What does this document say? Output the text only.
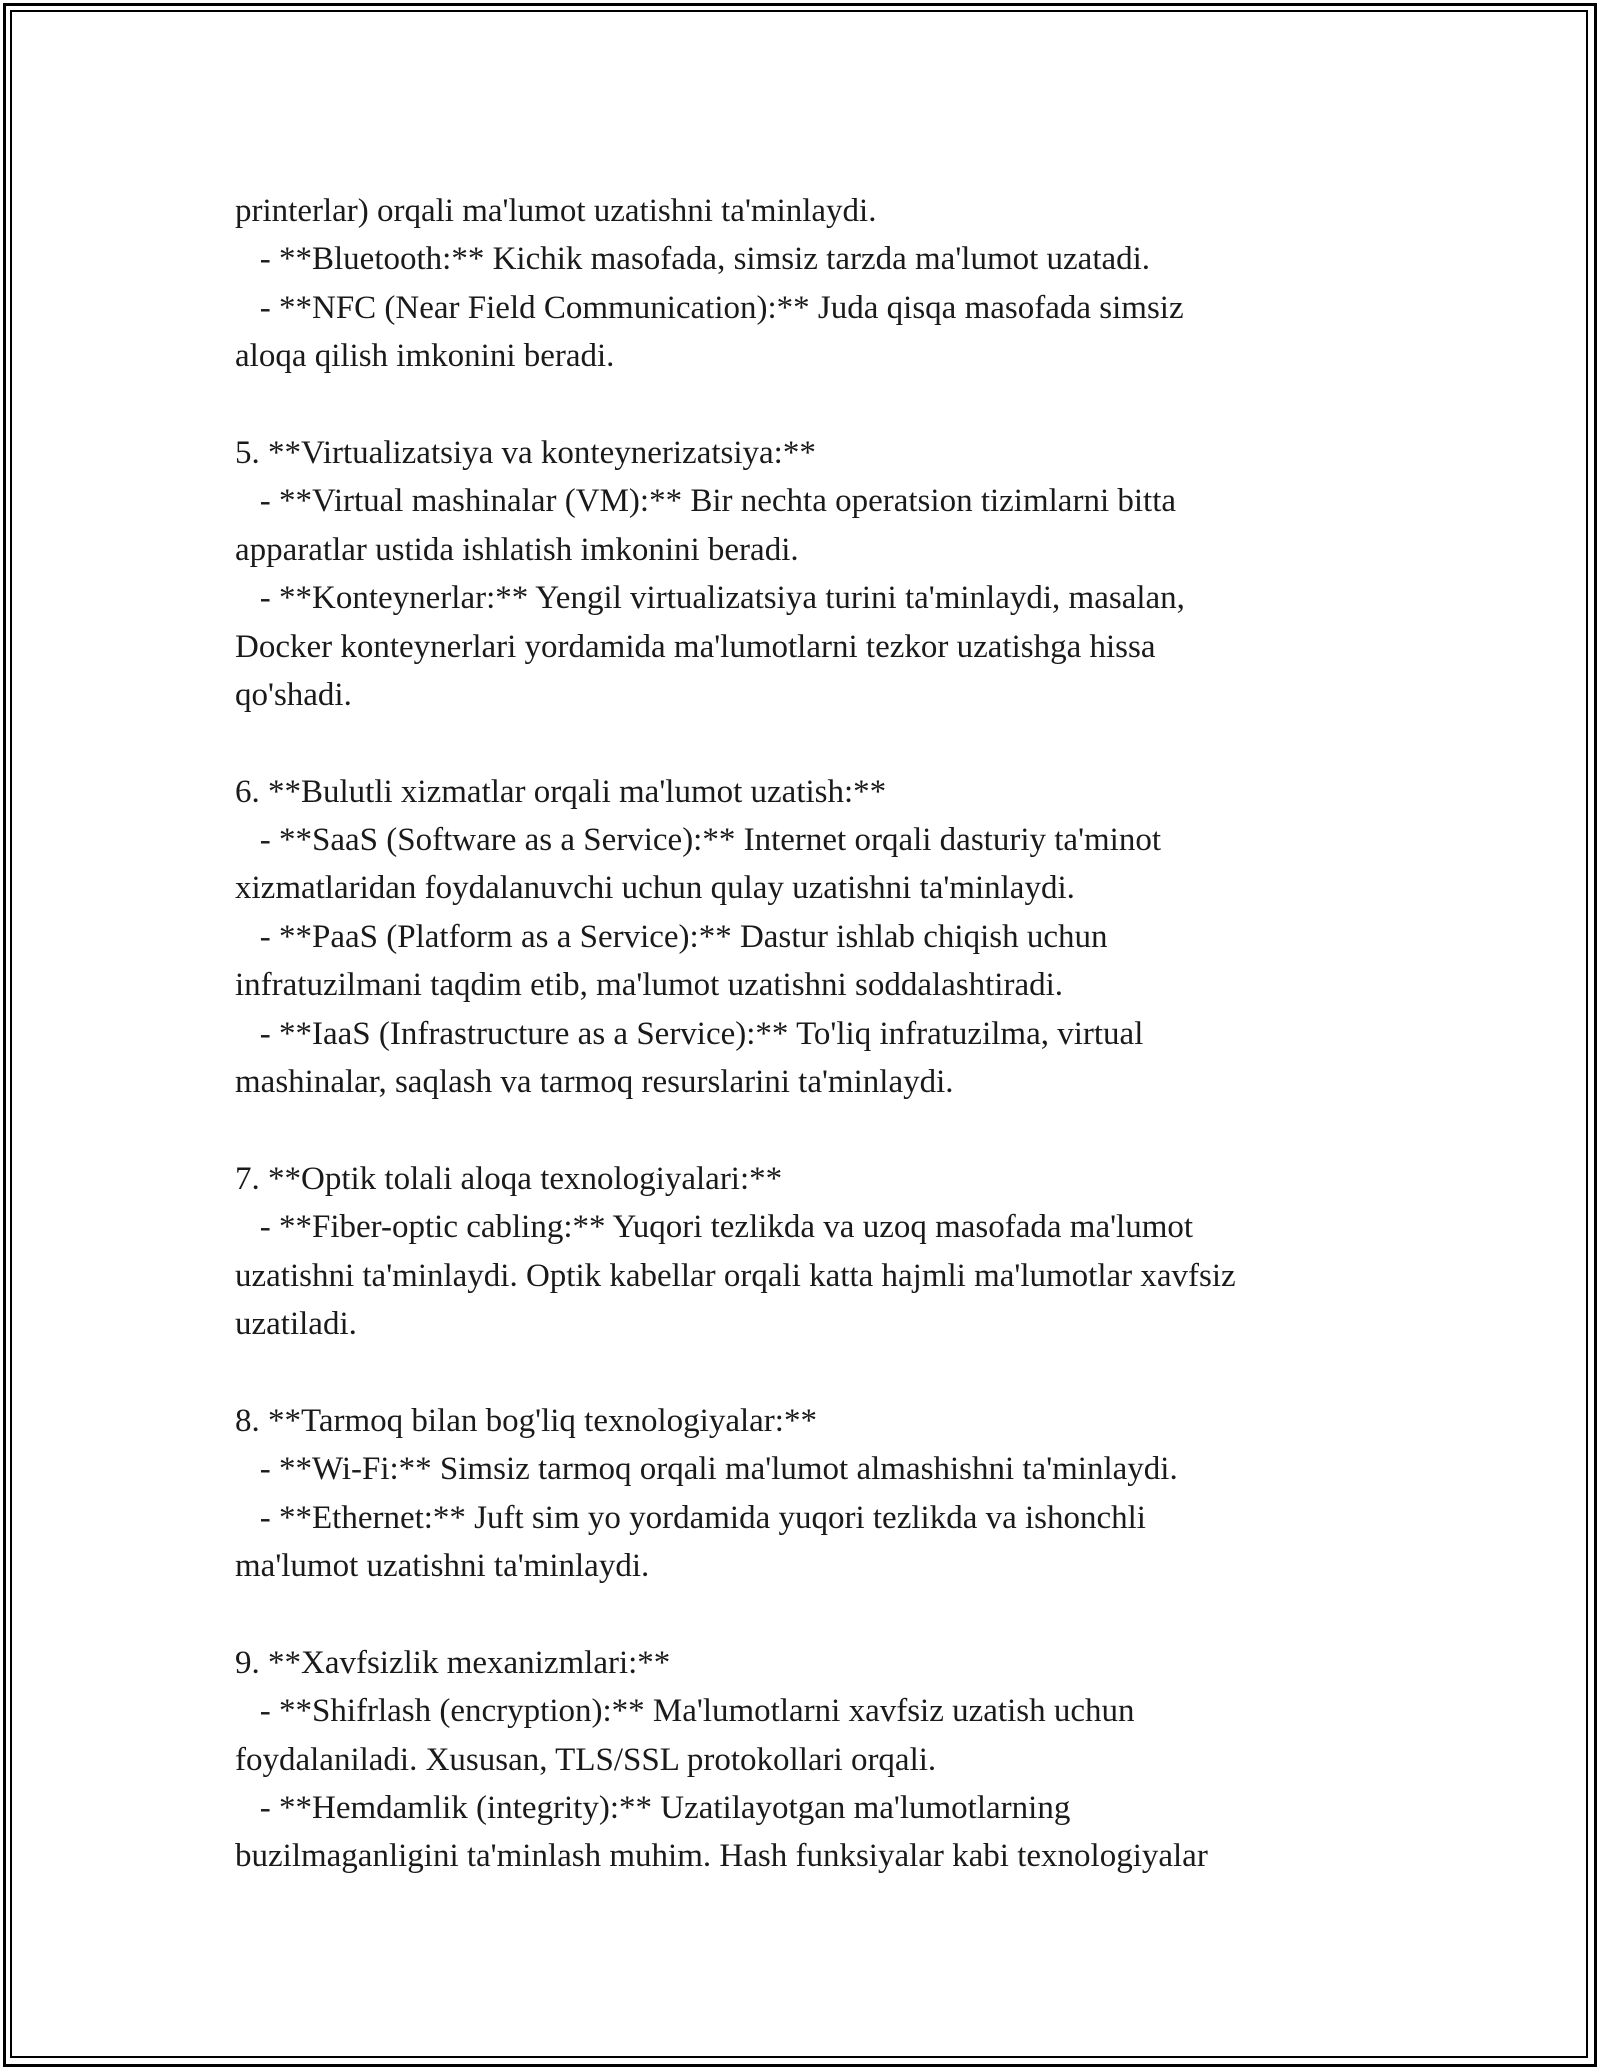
printerlar) orqali ma'lumot uzatishni ta'minlaydi.
- **Bluetooth:** Kichik masofada, simsiz tarzda ma'lumot uzatadi.
- **NFC (Near Field Communication):** Juda qisqa masofada simsiz
aloqa qilish imkonini beradi.
5. **Virtualizatsiya va konteynerizatsiya:**
- **Virtual mashinalar (VM):** Bir nechta operatsion tizimlarni bitta
apparatlar ustida ishlatish imkonini beradi.
- **Konteynerlar:** Yengil virtualizatsiya turini ta'minlaydi, masalan,
Docker konteynerlari yordamida ma'lumotlarni tezkor uzatishga hissa
qo'shadi.
6. **Bulutli xizmatlar orqali ma'lumot uzatish:**
- **SaaS (Software as a Service):** Internet orqali dasturiy ta'minot
xizmatlaridan foydalanuvchi uchun qulay uzatishni ta'minlaydi.
- **PaaS (Platform as a Service):** Dastur ishlab chiqish uchun
infratuzilmani taqdim etib, ma'lumot uzatishni soddalashtiradi.
- **IaaS (Infrastructure as a Service):** To'liq infratuzilma, virtual
mashinalar, saqlash va tarmoq resurslarini ta'minlaydi.
7. **Optik tolali aloqa texnologiyalari:**
- **Fiber-optic cabling:** Yuqori tezlikda va uzoq masofada ma'lumot
uzatishni ta'minlaydi. Optik kabellar orqali katta hajmli ma'lumotlar xavfsiz
uzatiladi.
8. **Tarmoq bilan bog'liq texnologiyalar:**
- **Wi-Fi:** Simsiz tarmoq orqali ma'lumot almashishni ta'minlaydi.
- **Ethernet:** Juft sim yo yordamida yuqori tezlikda va ishonchli
ma'lumot uzatishni ta'minlaydi.
9. **Xavfsizlik mexanizmlari:**
- **Shifrlash (encryption):** Ma'lumotlarni xavfsiz uzatish uchun
foydalaniladi. Xususan, TLS/SSL protokollari orqali.
- **Hemdamlik (integrity):** Uzatilayotgan ma'lumotlarning
buzilmaganligini ta'minlash muhim. Hash funksiyalar kabi texnologiyalar
